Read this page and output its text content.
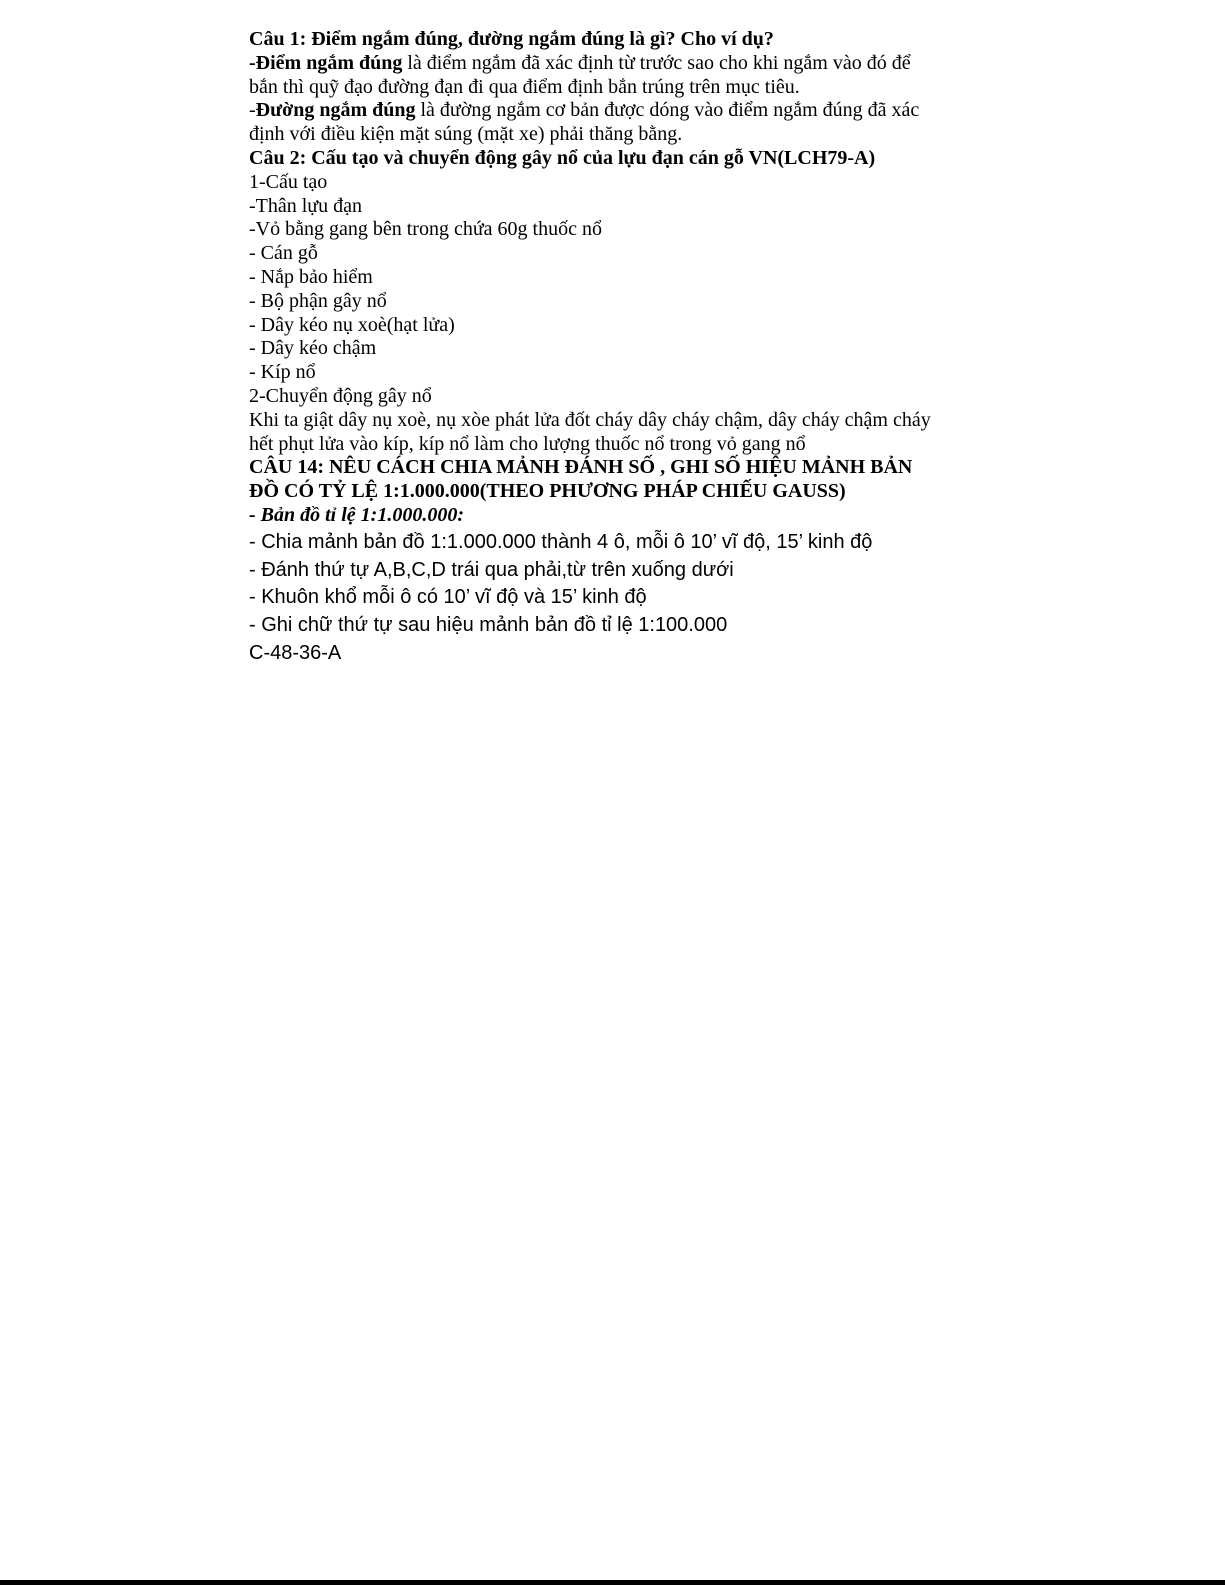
Câu 1: Điểm ngắm đúng, đường ngắm đúng là gì? Cho ví dụ?
-Điểm ngắm đúng là điểm ngắm đã xác định từ trước sao cho khi ngắm vào đó để
bắn thì quỹ đạo đường đạn đi qua điểm định bắn trúng trên mục tiêu.
-Đường ngắm đúng là đường ngắm cơ bản được dóng vào điểm ngắm đúng đã xác
định với điều kiện mặt súng (mặt xe) phải thăng bằng.
Câu 2: Cấu tạo và chuyển động gây nổ của lựu đạn cán gỗ VN(LCH79-A)
1-Cấu tạo
-Thân lựu đạn
-Vỏ bằng gang bên trong chứa 60g thuốc nổ
- Cán gỗ
- Nắp bảo hiểm
- Bộ phận gây nổ
- Dây kéo nụ xoè(hạt lửa)
- Dây kéo chậm
- Kíp nổ
2-Chuyển động gây nổ
Khi ta giật dây nụ xoè, nụ xòe phát lửa đốt cháy dây cháy chậm, dây cháy chậm cháy
hết phụt lửa vào kíp, kíp nổ làm cho lượng thuốc nổ trong vỏ gang nổ
CÂU 14: NÊU CÁCH CHIA MẢNH ĐÁNH SỐ , GHI SỐ HIỆU MẢNH BẢN
ĐỒ CÓ TỶ LỆ 1:1.000.000(THEO PHƯƠNG PHÁP CHIẾU GAUSS)
- Bản đồ tỉ lệ 1:1.000.000:
- Chia mảnh bản đồ 1:1.000.000 thành 4 ô, mỗi ô 10’ vĩ độ, 15’ kinh độ
- Đánh thứ tự A,B,C,D trái qua phải,từ trên xuống dưới
- Khuôn khổ mỗi ô có 10’ vĩ độ và 15’ kinh độ
- Ghi chữ thứ tự sau hiệu mảnh bản đồ tỉ lệ 1:100.000
C-48-36-A
